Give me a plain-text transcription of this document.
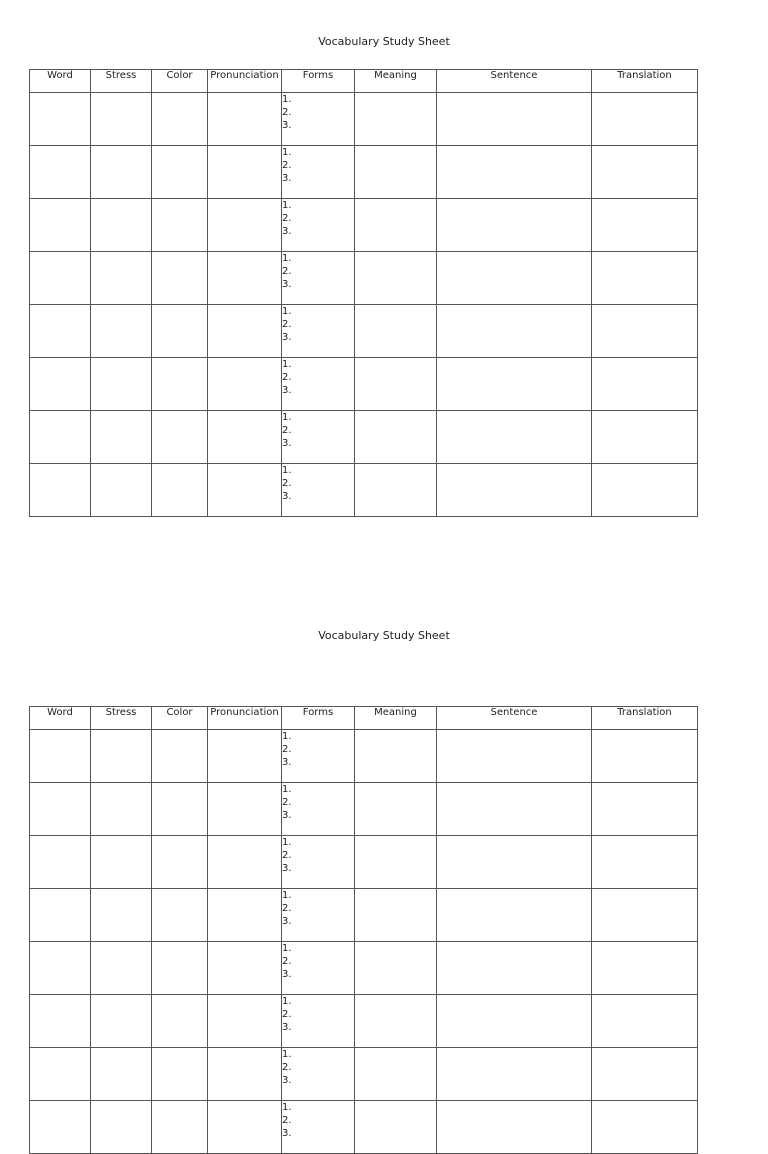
Vocabulary Study Sheet
Word	Stress	Color	Pronunciation	Forms	Meaning	Sentence	Translation

				1.
2.
3.			

				1.
2.
3.			

				1.
2.
3.			

				1.
2.
3.			

				1.
2.
3.			

				1.
2.
3.			

				1.
2.
3.			

				1.
2.
3.			

Vocabulary Study Sheet
Word	Stress	Color	Pronunciation	Forms	Meaning	Sentence	Translation

				1.
2.
3.			

				1.
2.
3.			

				1.
2.
3.			

				1.
2.
3.			

				1.
2.
3.			

				1.
2.
3.			

				1.
2.
3.			

				1.
2.
3.			
